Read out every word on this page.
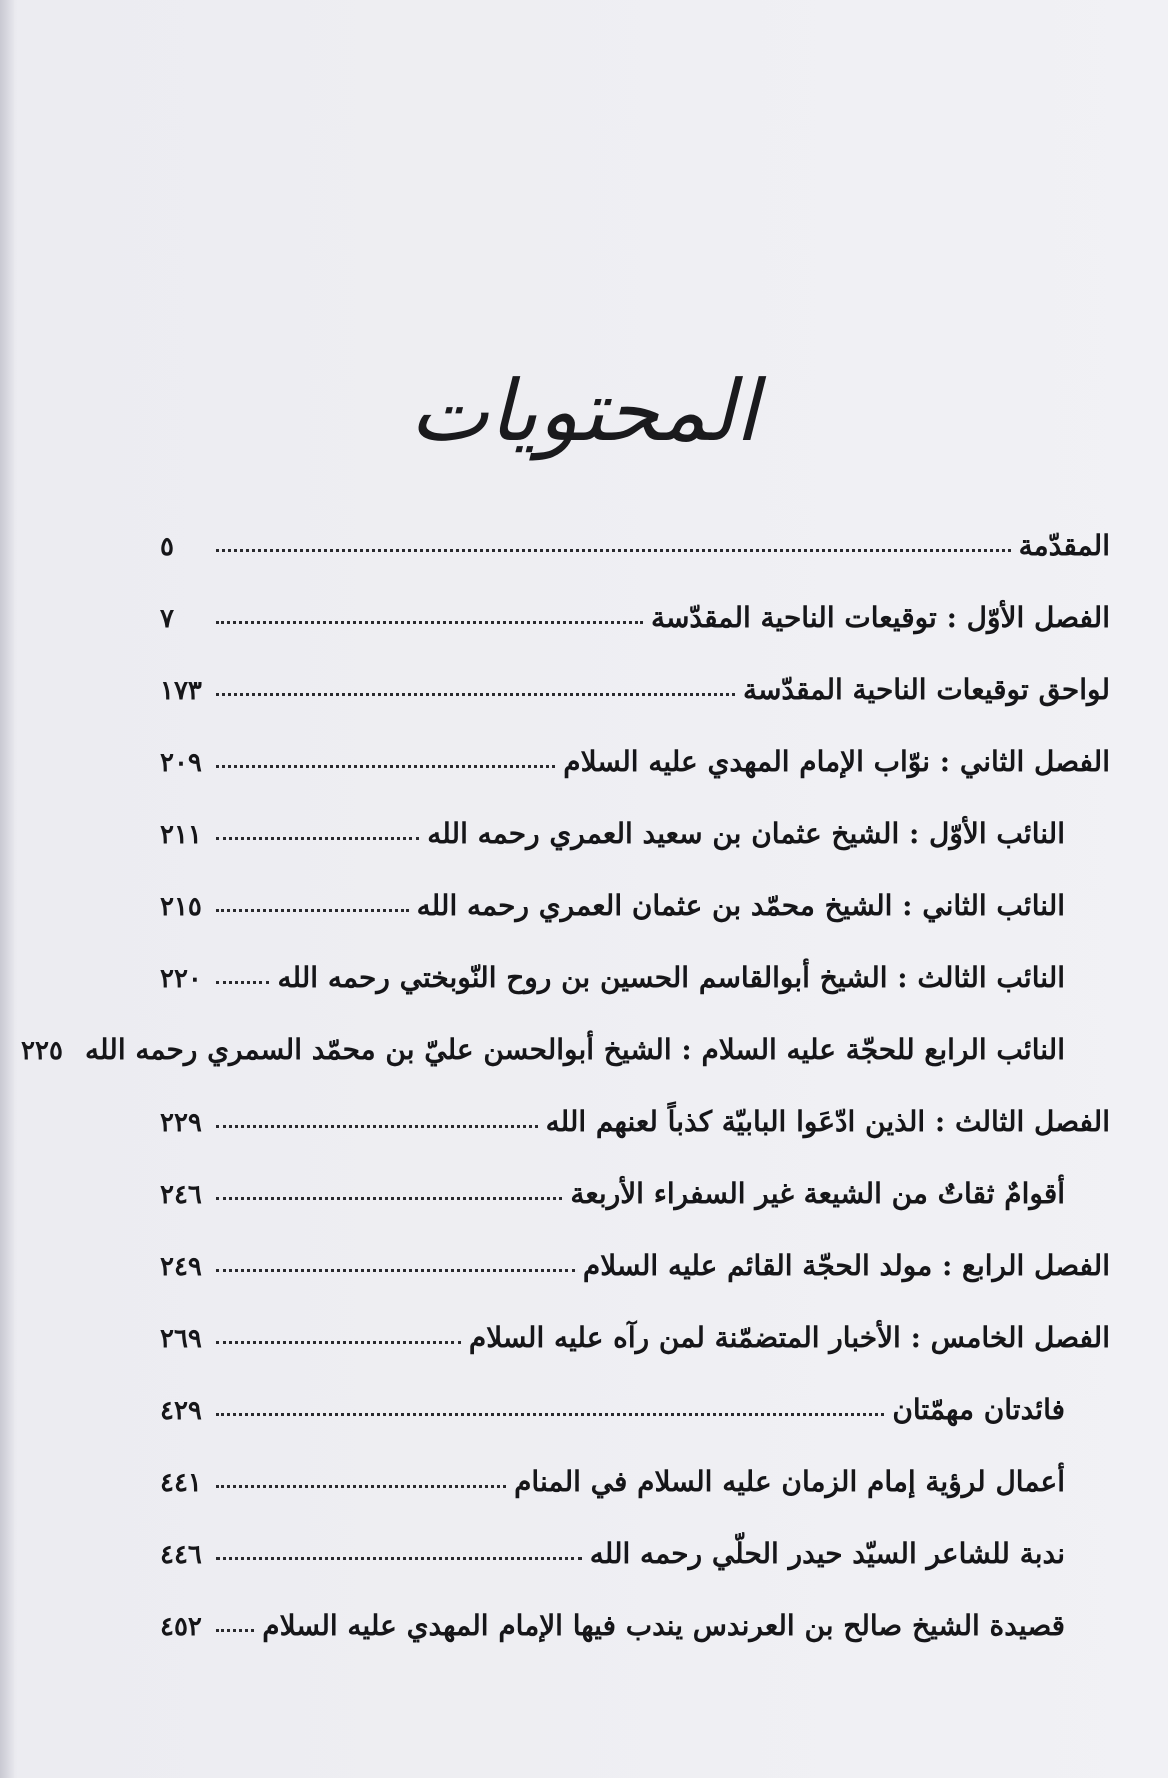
المحتويات
المقدّمة
٥
الفصل الأوّل : توقيعات الناحية المقدّسة
٧
لواحق توقيعات الناحية المقدّسة
١٧٣
الفصل الثاني : نوّاب الإمام المهدي عليه السلام
٢٠٩
النائب الأوّل : الشيخ عثمان بن سعيد العمري رحمه الله
٢١١
النائب الثاني : الشيخ محمّد بن عثمان العمري رحمه الله
٢١٥
النائب الثالث : الشيخ أبوالقاسم الحسين بن روح النّوبختي رحمه الله
٢٢٠
النائب الرابع للحجّة عليه السلام : الشيخ أبوالحسن عليّ بن محمّد السمري رحمه الله
٢٢٥
الفصل الثالث : الذين ادّعَوا البابيّة كذباً لعنهم الله
٢٢٩
أقوامٌ ثقاتٌ من الشيعة غير السفراء الأربعة
٢٤٦
الفصل الرابع : مولد الحجّة القائم عليه السلام
٢٤٩
الفصل الخامس : الأخبار المتضمّنة لمن رآه عليه السلام
٢٦٩
فائدتان مهمّتان
٤٢٩
أعمال لرؤية إمام الزمان عليه السلام في المنام
٤٤١
ندبة للشاعر السيّد حيدر الحلّي رحمه الله
٤٤٦
قصيدة الشيخ صالح بن العرندس يندب فيها الإمام المهدي عليه السلام
٤٥٢
